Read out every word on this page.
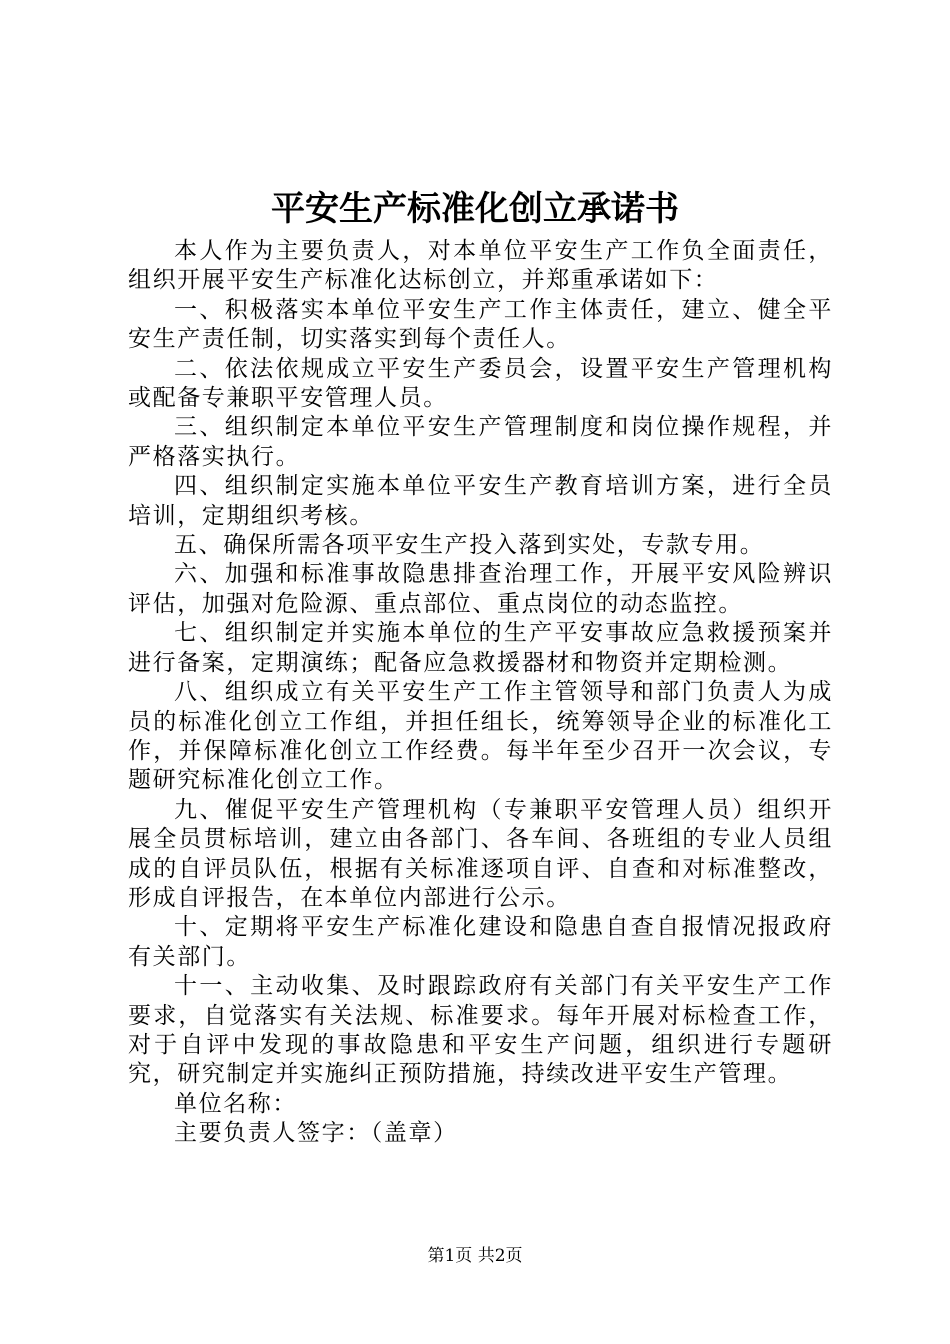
平安生产标准化创立承诺书

本人作为主要负责人，对本单位平安生产工作负全面责任，组织开展平安生产标准化达标创立，并郑重承诺如下：

一、积极落实本单位平安生产工作主体责任，建立、健全平安生产责任制，切实落实到每个责任人。

二、依法依规成立平安生产委员会，设置平安生产管理机构或配备专兼职平安管理人员。

三、组织制定本单位平安生产管理制度和岗位操作规程，并严格落实执行。

四、组织制定实施本单位平安生产教育培训方案，进行全员培训，定期组织考核。

五、确保所需各项平安生产投入落到实处，专款专用。

六、加强和标准事故隐患排查治理工作，开展平安风险辨识评估，加强对危险源、重点部位、重点岗位的动态监控。

七、组织制定并实施本单位的生产平安事故应急救援预案并进行备案，定期演练；配备应急救援器材和物资并定期检测。

八、组织成立有关平安生产工作主管领导和部门负责人为成员的标准化创立工作组，并担任组长，统筹领导企业的标准化工作，并保障标准化创立工作经费。每半年至少召开一次会议，专题研究标准化创立工作。

九、催促平安生产管理机构（专兼职平安管理人员）组织开展全员贯标培训，建立由各部门、各车间、各班组的专业人员组成的自评员队伍，根据有关标准逐项自评、自查和对标准整改，形成自评报告，在本单位内部进行公示。

十、定期将平安生产标准化建设和隐患自查自报情况报政府有关部门。

十一、主动收集、及时跟踪政府有关部门有关平安生产工作要求，自觉落实有关法规、标准要求。每年开展对标检查工作，对于自评中发现的事故隐患和平安生产问题，组织进行专题研究，研究制定并实施纠正预防措施，持续改进平安生产管理。

单位名称：

主要负责人签字：（盖章）

第1页 共2页
